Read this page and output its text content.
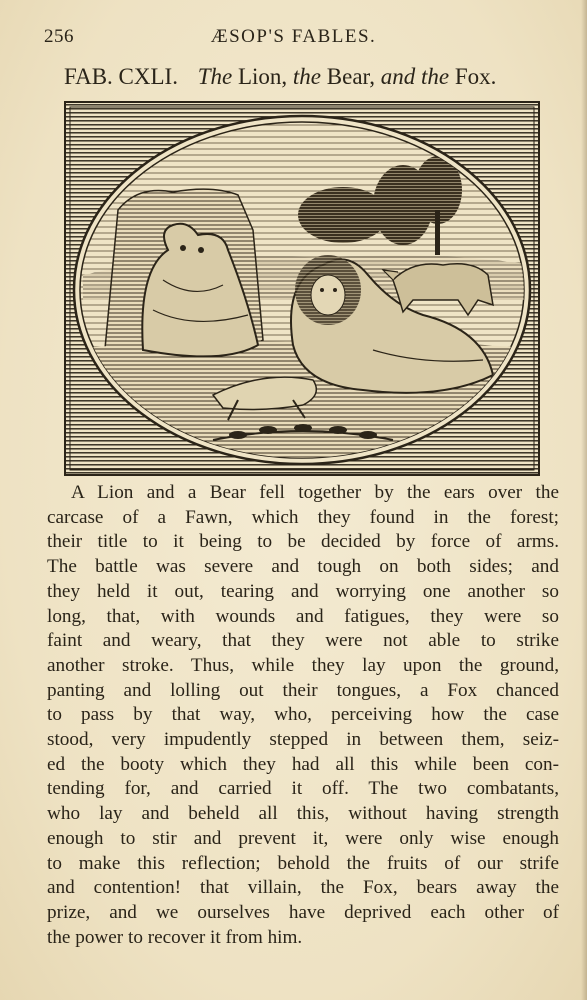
256	ÆSOP'S FABLES.
FAB. CXLI. The Lion, the Bear, and the Fox.
A Lion and a Bear fell together by the ears over the
carcase of a Fawn, which they found in the forest;
their title to it being to be decided by force of arms.
The battle was severe and tough on both sides; and
they held it out, tearing and worrying one another so
long, that, with wounds and fatigues, they were so
faint and weary, that they were not able to strike
another stroke. Thus, while they lay upon the ground,
panting and lolling out their tongues, a Fox chanced
to pass by that way, who, perceiving how the case
stood, very impudently stepped in between them, seiz-
ed the booty which they had all this while been con-
tending for, and carried it off. The two combatants,
who lay and beheld all this, without having strength
enough to stir and prevent it, were only wise enough
to make this reflection; behold the fruits of our strife
and contention! that villain, the Fox, bears away the
prize, and we ourselves have deprived each other of
the power to recover it from him.
